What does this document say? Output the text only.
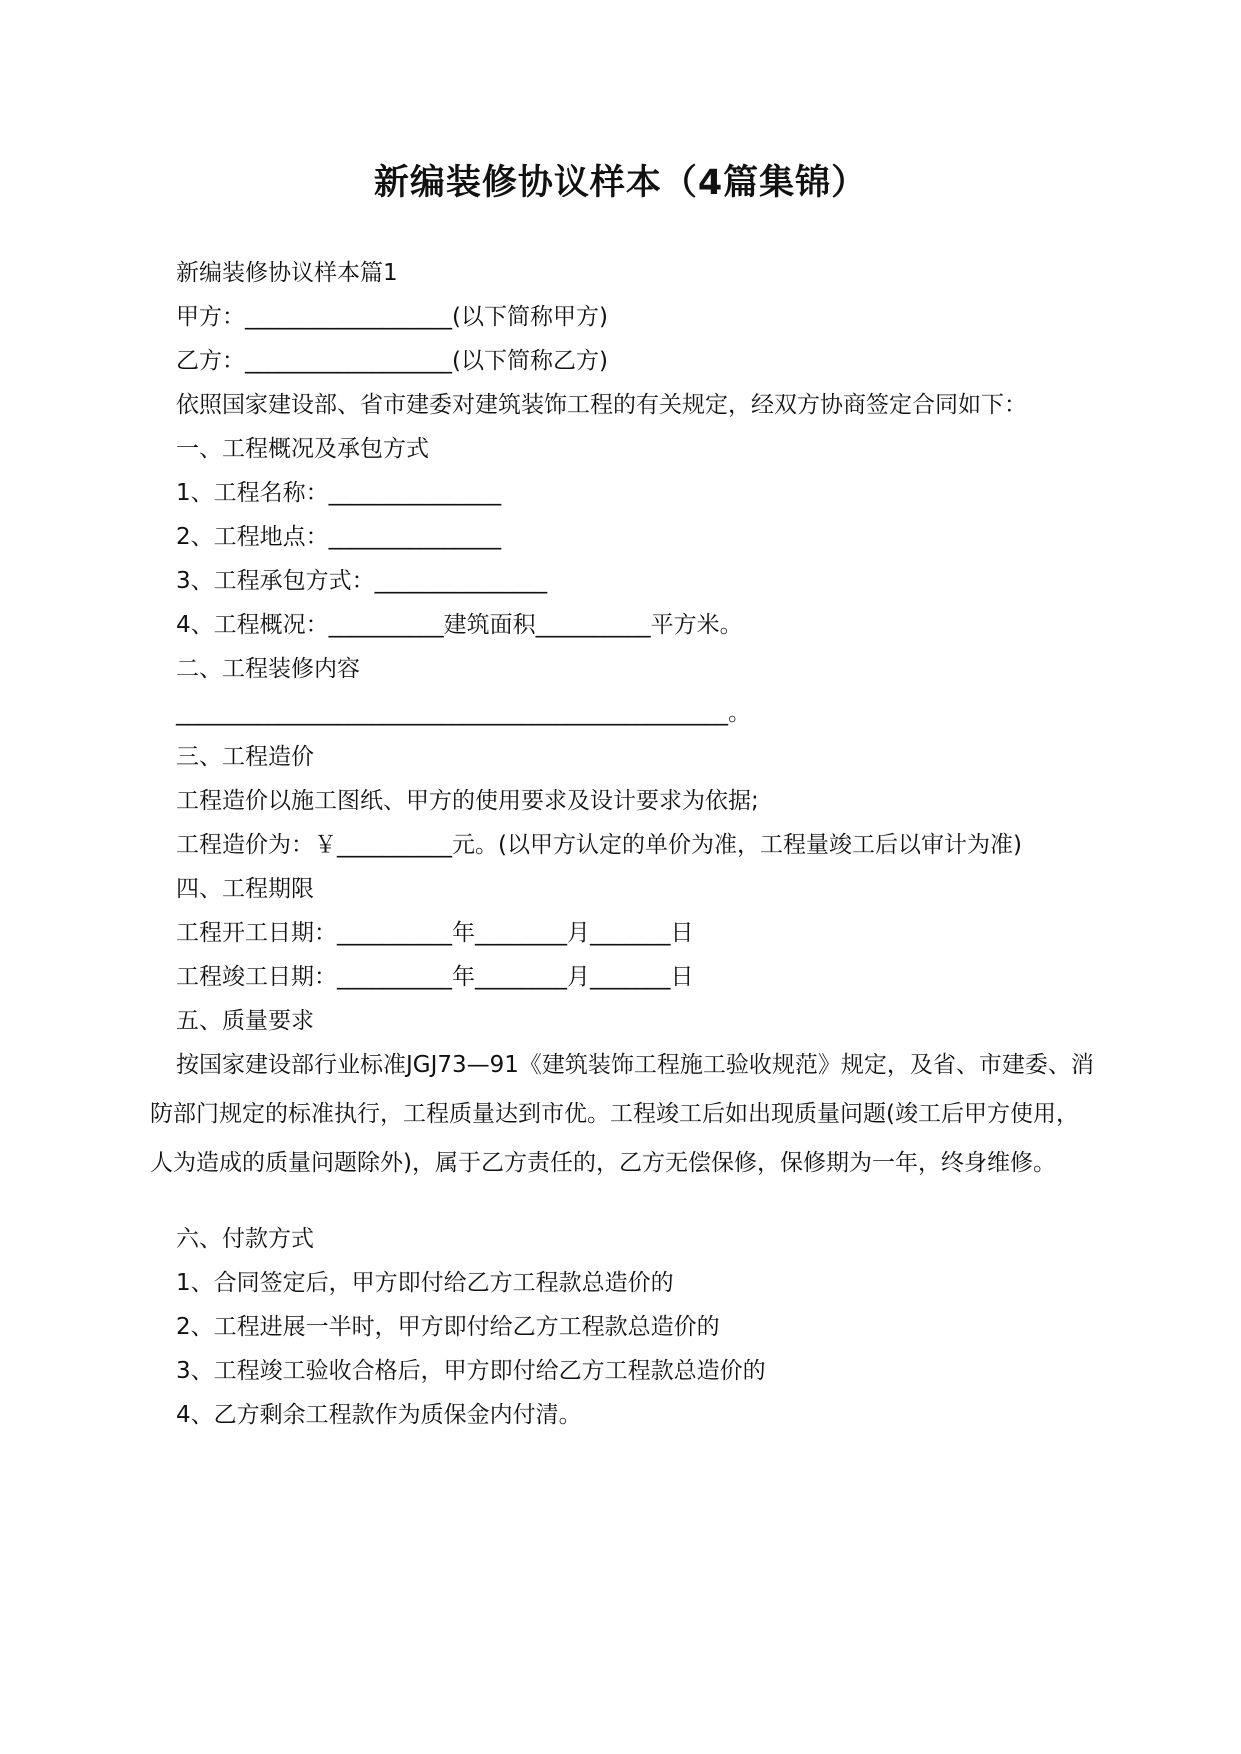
新编装修协议样本（4篇集锦）
新编装修协议样本篇1
甲方：__________________(以下简称甲方)
乙方：__________________(以下简称乙方)
依照国家建设部、省市建委对建筑装饰工程的有关规定，经双方协商签定合同如下：
一、工程概况及承包方式
1、工程名称：_______________
2、工程地点：_______________
3、工程承包方式：_______________
4、工程概况：__________建筑面积__________平方米。
二、工程装修内容
________________________________________________。
三、工程造价
工程造价以施工图纸、甲方的使用要求及设计要求为依据;
工程造价为：￥__________元。(以甲方认定的单价为准，工程量竣工后以审计为准)
四、工程期限
工程开工日期：__________年________月_______日
工程竣工日期：__________年________月_______日
五、质量要求
按国家建设部行业标准JGJ73—91《建筑装饰工程施工验收规范》规定，及省、市建委、消防部门规定的标准执行，工程质量达到市优。工程竣工后如出现质量问题(竣工后甲方使用，人为造成的质量问题除外)，属于乙方责任的，乙方无偿保修，保修期为一年，终身维修。
六、付款方式
1、合同签定后，甲方即付给乙方工程款总造价的
2、工程进展一半时，甲方即付给乙方工程款总造价的
3、工程竣工验收合格后，甲方即付给乙方工程款总造价的
4、乙方剩余工程款作为质保金内付清。
